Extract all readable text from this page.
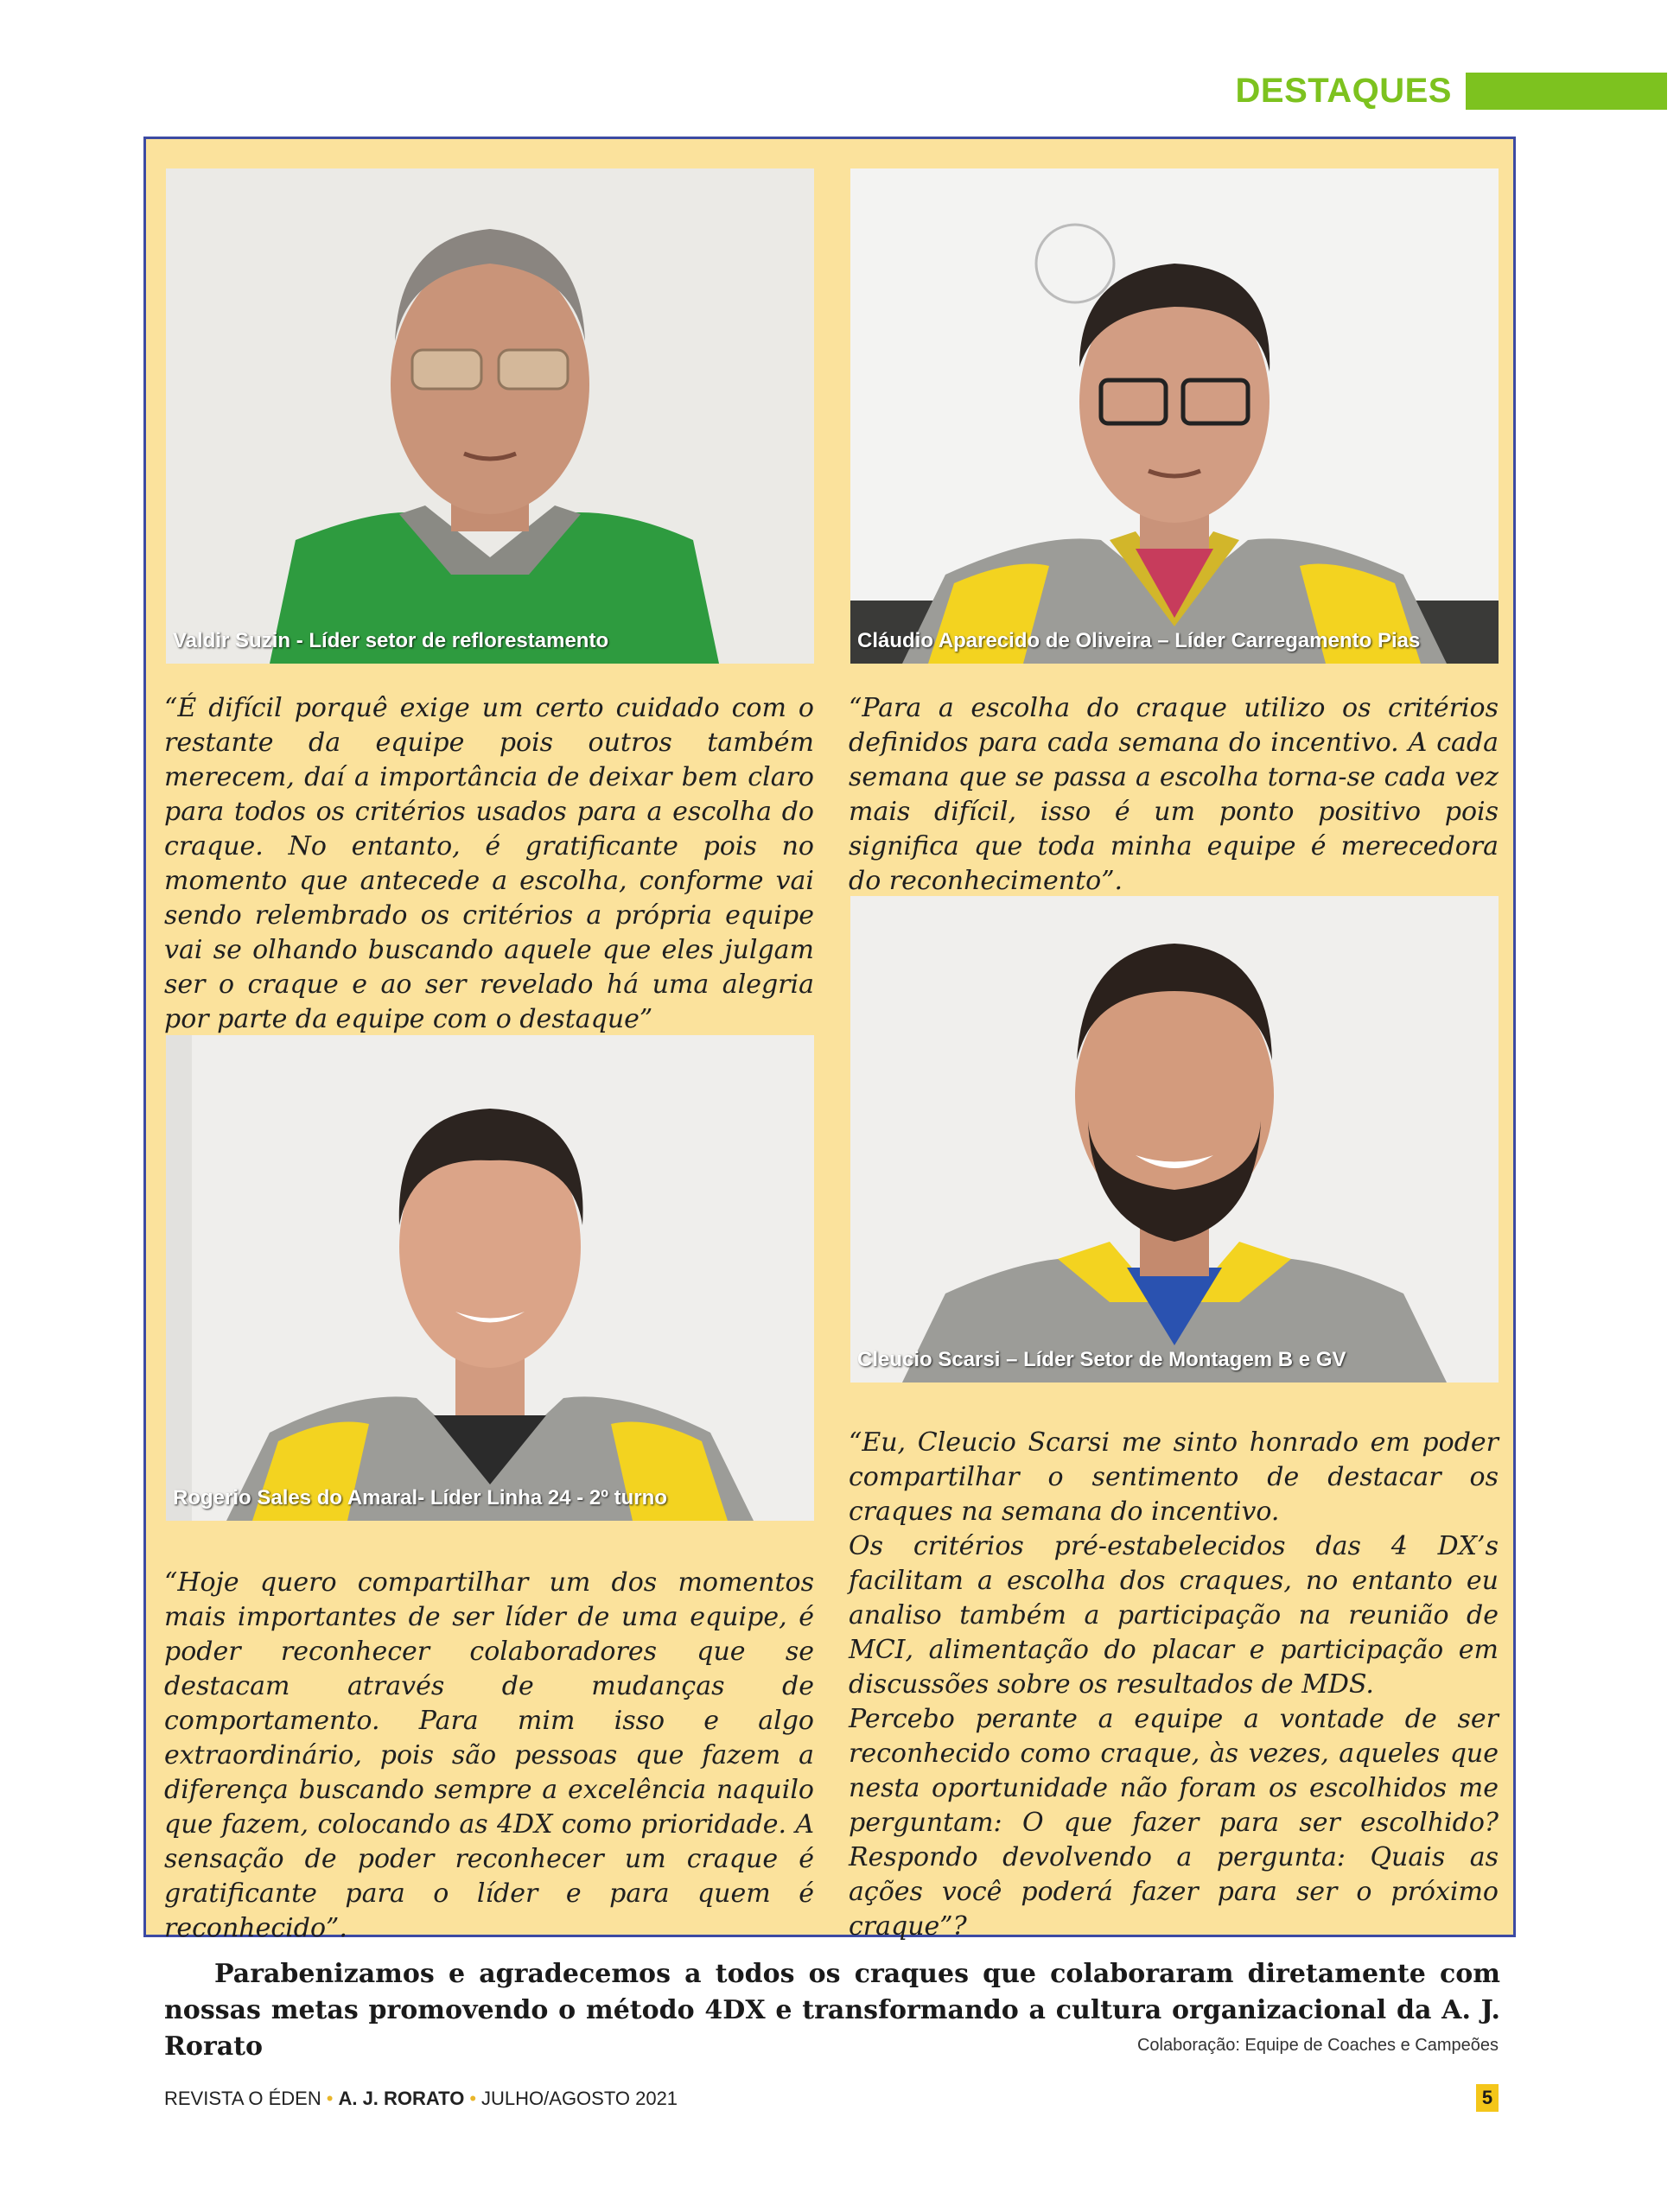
DESTAQUES
Valdir Suzin - Líder setor de reflorestamento	Cláudio Aparecido de Oliveira – Líder Carregamento Pias

“É difícil porquê exige um certo cuidado com o restante da equipe pois outros também merecem, daí a importância de deixar bem claro para todos os critérios usados para a escolha do craque. No entanto, é gratificante pois no momento que antecede a escolha, conforme vai sendo relembrado os critérios a própria equipe vai se olhando buscando aquele que eles julgam ser o craque e ao ser revelado há uma alegria por parte da equipe com o destaque”

“Para a escolha do craque utilizo os critérios definidos para cada semana do incentivo. A cada semana que se passa a escolha torna-se cada vez mais difícil, isso é um ponto positivo pois significa que toda minha equipe é merecedora do reconhecimento”.

Cleucio Scarsi – Líder Setor de Montagem B e GV
Rogerio Sales do Amaral- Líder Linha 24 - 2º turno

“Hoje quero compartilhar um dos momentos mais importantes de ser líder de uma equipe, é poder reconhecer colaboradores que se destacam através de mudanças de comportamento. Para mim isso e algo extraordinário, pois são pessoas que fazem a diferença buscando sempre a excelência naquilo que fazem, colocando as 4DX como prioridade. A sensação de poder reconhecer um craque é gratificante para o líder e para quem é reconhecido”.

“Eu, Cleucio Scarsi me sinto honrado em poder compartilhar o sentimento de destacar os craques na semana do incentivo.

Os critérios pré-estabelecidos das 4 DX’s facilitam a escolha dos craques, no entanto eu analiso também a participação na reunião de MCI, alimentação do placar e participação em discussões sobre os resultados de MDS.

Percebo perante a equipe a vontade de ser reconhecido como craque, às vezes, aqueles que nesta oportunidade não foram os escolhidos me perguntam: O que fazer para ser escolhido? Respondo devolvendo a pergunta: Quais as ações você poderá fazer para ser o próximo craque”?

Parabenizamos e agradecemos a todos os craques que colaboraram diretamente com nossas metas promovendo o método 4DX e transformando a cultura organizacional da A. J. Rorato	Colaboração: Equipe de Coaches e Campeões
REVISTA O ÉDEN • A. J. RORATO • JULHO/AGOSTO 2021	5
